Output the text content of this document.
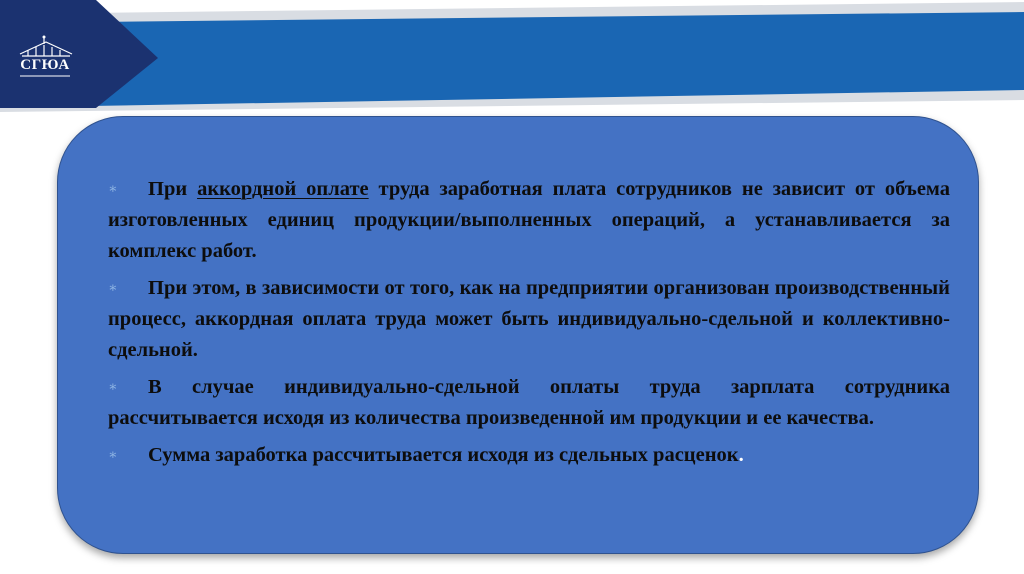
СГЮА
∗ При аккордной оплате труда заработная плата сотрудников не зависит от объема изготовленных единиц продукции/выполненных операций, а устанавливается за комплекс работ.
∗ При этом, в зависимости от того, как на предприятии организован производственный процесс, аккордная оплата труда может быть индивидуально-сдельной и коллективно-сдельной.
∗ В случае индивидуально-сдельной оплаты труда зарплата сотрудника рассчитывается исходя из количества произведенной им продукции и ее качества.
∗ Сумма заработка рассчитывается исходя из сдельных расценок.
